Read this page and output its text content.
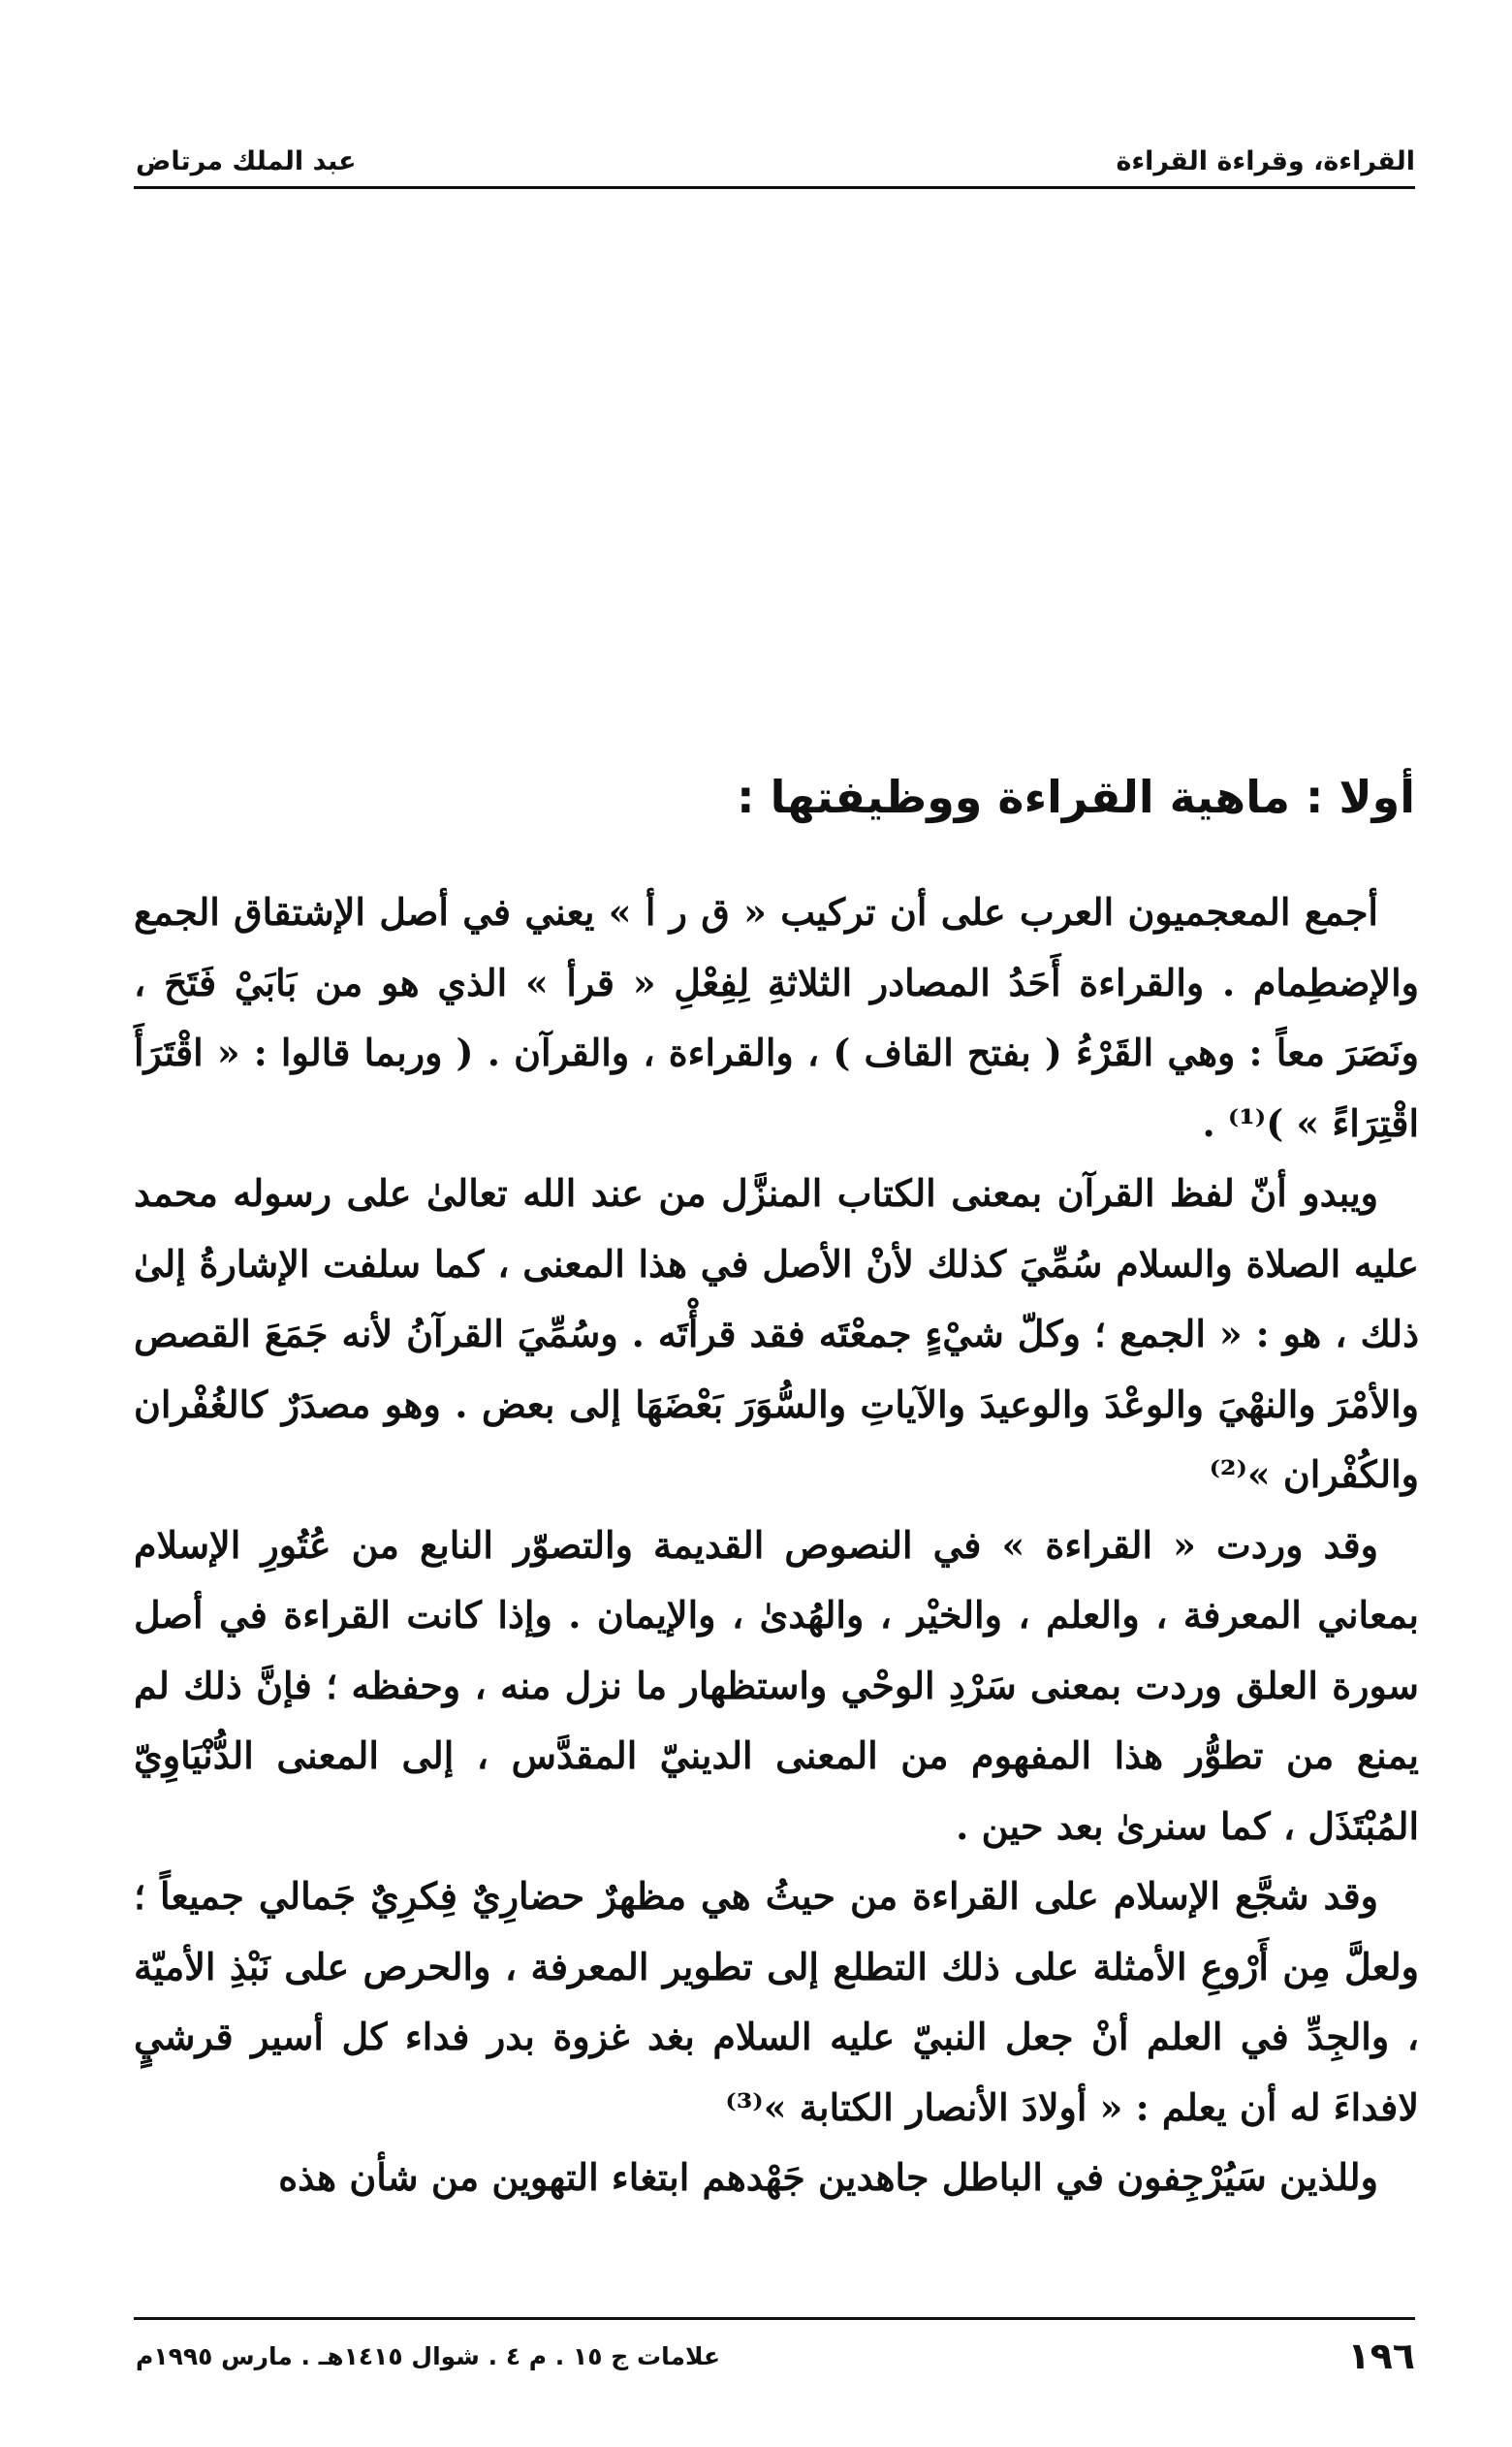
القراءة، وقراءة القراءة
عبد الملك مرتاض
أولا : ماهية القراءة ووظيفتها :

أجمع المعجميون العرب على أن تركيب « ق ر أ » يعني في أصل الإشتقاق الجمع والإضطِمام . والقراءة أَحَدُ المصادر الثلاثةِ لِفِعْلِ « قرأ » الذي هو من بَابَيْ فَتَحَ ، ونَصَرَ معاً : وهي القَرْءُ ( بفتح القاف ) ، والقراءة ، والقرآن . ( وربما قالوا : « اقْتَرَأَ اقْتِرَاءً » )⁽¹⁾ .

ويبدو أنّ لفظ القرآن بمعنى الكتاب المنزَّل من عند الله تعالىٰ على رسوله محمد عليه الصلاة والسلام سُمِّيَ كذلك لأنْ الأصل في هذا المعنى ، كما سلفت الإشارةُ إلىٰ ذلك ، هو : « الجمع ؛ وكلّ شيْءٍ جمعْتَه فقد قرأْتَه . وسُمِّيَ القرآنُ لأنه جَمَعَ القصص والأمْرَ والنهْيَ والوعْدَ والوعيدَ والآياتِ والسُّوَرَ بَعْضَهَا إلى بعض . وهو مصدَرٌ كالغُفْران والكُفْران »⁽²⁾

وقد وردت « القراءة » في النصوص القديمة والتصوّر النابع من عُتُورِ الإسلام بمعاني المعرفة ، والعلم ، والخيْر ، والهُدىٰ ، والإيمان . وإذا كانت القراءة في أصل سورة العلق وردت بمعنى سَرْدِ الوحْي واستظهار ما نزل منه ، وحفظه ؛ فإنَّ ذلك لم يمنع من تطوُّر هذا المفهوم من المعنى الدينيّ المقدَّس ، إلى المعنى الدُّنْيَاوِيّ المُبْتَذَل ، كما سنرىٰ بعد حين .

وقد شجَّع الإسلام على القراءة من حيثُ هي مظهرٌ حضارِيٌ فِكرِيٌ جَمالي جميعاً ؛ ولعلَّ مِن أَرْوعِ الأمثلة على ذلك التطلع إلى تطوير المعرفة ، والحرص على نَبْذِ الأميّة ، والجِدِّ في العلم أنْ جعل النبيّ عليه السلام بغد غزوة بدر فداء كل أسير قرشيٍ لافداءَ له أن يعلم : « أولادَ الأنصار الكتابة »⁽³⁾

وللذين سَيُرْجِفون في الباطل جاهدين جَهْدهم ابتغاء التهوين من شأن هذه

١٩٦
علامات ج ١٥ . م ٤ . شوال ١٤١٥هـ . مارس ١٩٩٥م
